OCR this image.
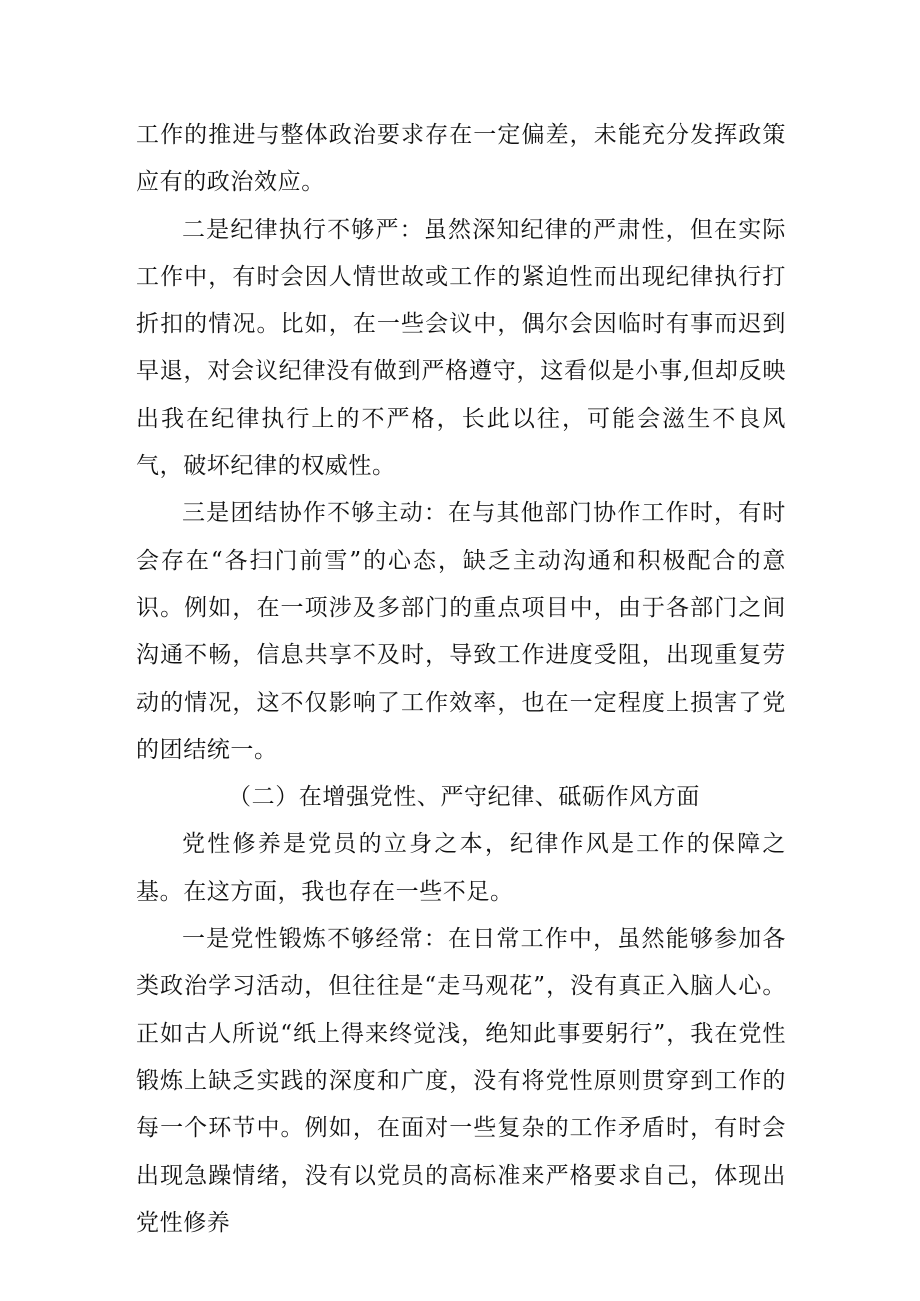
工作的推进与整体政治要求存在一定偏差，未能充分发挥政策应有的政治效应。

二是纪律执行不够严：虽然深知纪律的严肃性，但在实际工作中，有时会因人情世故或工作的紧迫性而出现纪律执行打折扣的情况。比如，在一些会议中，偶尔会因临时有事而迟到早退，对会议纪律没有做到严格遵守，这看似是小事,但却反映出我在纪律执行上的不严格，长此以往，可能会滋生不良风气，破坏纪律的权威性。

三是团结协作不够主动：在与其他部门协作工作时，有时会存在“各扫门前雪”的心态，缺乏主动沟通和积极配合的意识。例如，在一项涉及多部门的重点项目中，由于各部门之间沟通不畅，信息共享不及时，导致工作进度受阻，出现重复劳动的情况，这不仅影响了工作效率，也在一定程度上损害了党的团结统一。

（二）在增强党性、严守纪律、砥砺作风方面

党性修养是党员的立身之本，纪律作风是工作的保障之基。在这方面，我也存在一些不足。

一是党性锻炼不够经常：在日常工作中，虽然能够参加各类政治学习活动，但往往是“走马观花”，没有真正入脑人心。正如古人所说“纸上得来终觉浅，绝知此事要躬行”，我在党性锻炼上缺乏实践的深度和广度，没有将党性原则贯穿到工作的每一个环节中。例如，在面对一些复杂的工作矛盾时，有时会出现急躁情绪，没有以党员的高标准来严格要求自己，体现出党性修养
